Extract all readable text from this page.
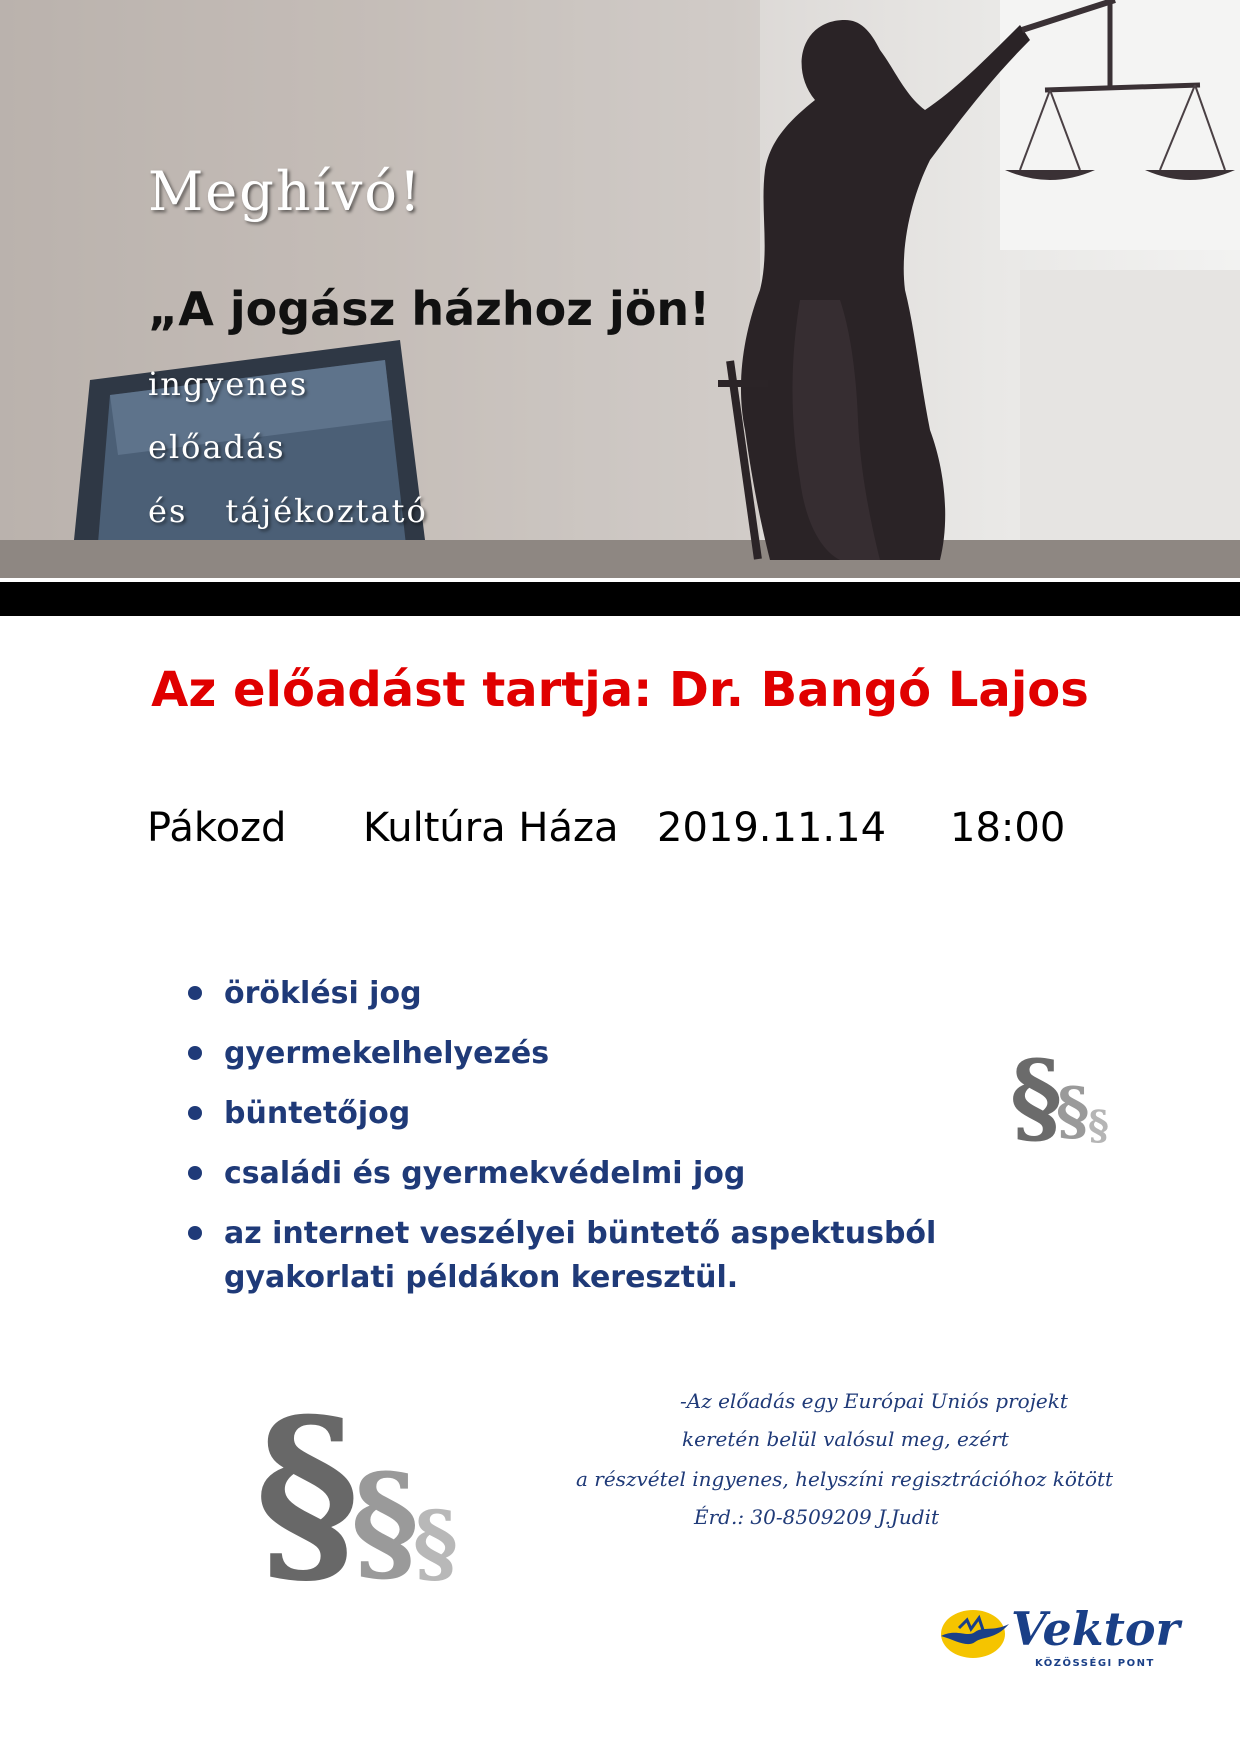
Meghívó!
„A jogász házhoz jön!
ingyenes
előadás
és tájékoztató
Az előadást tartja: Dr. Bangó Lajos
Pákozd Kultúra Háza 2019.11.14 18:00
öröklési jog
gyermekelhelyezés
büntetőjog
családi és gyermekvédelmi jog
az internet veszélyei büntető aspektusból gyakorlati példákon keresztül.
§
§
§
§
§
§
-Az előadás egy Európai Uniós projekt
keretén belül valósul meg, ezért
a részvétel ingyenes, helyszíni regisztrációhoz kötött
Érd.: 30-8509209 J.Judit
Vektor
KÖZÖSSÉGI PONT
